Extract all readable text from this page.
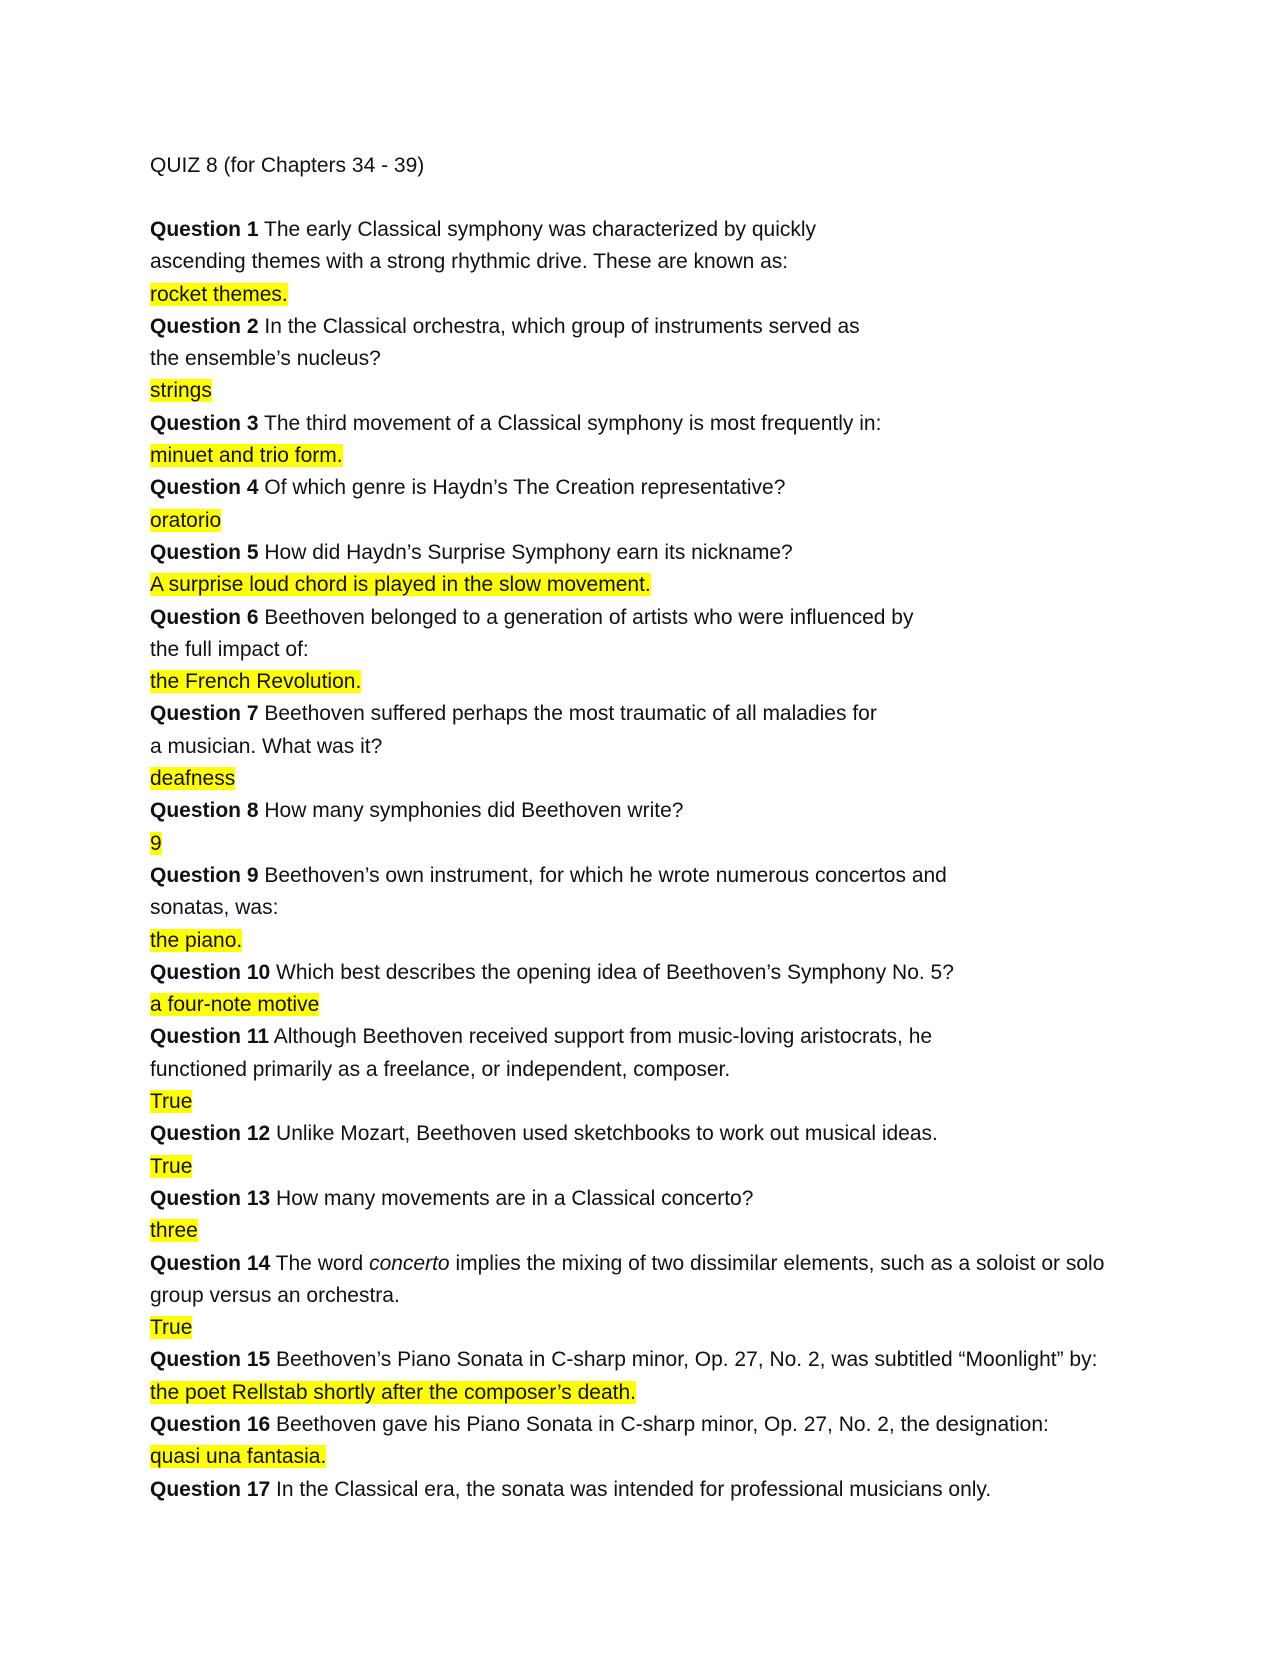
QUIZ 8 (for Chapters 34 - 39)

Question 1 The early Classical symphony was characterized by quickly ascending themes with a strong rhythmic drive. These are known as:

rocket themes.

Question 2 In the Classical orchestra, which group of instruments served as the ensemble’s nucleus?

strings

Question 3 The third movement of a Classical symphony is most frequently in:

minuet and trio form.

Question 4 Of which genre is Haydn’s The Creation representative?

oratorio

Question 5 How did Haydn’s Surprise Symphony earn its nickname?

A surprise loud chord is played in the slow movement.

Question 6 Beethoven belonged to a generation of artists who were influenced by the full impact of:

the French Revolution.

Question 7 Beethoven suffered perhaps the most traumatic of all maladies for a musician. What was it?

deafness

Question 8 How many symphonies did Beethoven write?

9

Question 9 Beethoven’s own instrument, for which he wrote numerous concertos and sonatas, was:

the piano.

Question 10 Which best describes the opening idea of Beethoven’s Symphony No. 5?

a four-note motive

Question 11 Although Beethoven received support from music-loving aristocrats, he functioned primarily as a freelance, or independent, composer.

True

Question 12 Unlike Mozart, Beethoven used sketchbooks to work out musical ideas.

True

Question 13 How many movements are in a Classical concerto?

three

Question 14 The word concerto implies the mixing of two dissimilar elements, such as a soloist or solo group versus an orchestra.

True

Question 15 Beethoven’s Piano Sonata in C-sharp minor, Op. 27, No. 2, was subtitled “Moonlight” by:

the poet Rellstab shortly after the composer’s death.

Question 16 Beethoven gave his Piano Sonata in C-sharp minor, Op. 27, No. 2, the designation:

quasi una fantasia.

Question 17 In the Classical era, the sonata was intended for professional musicians only.
